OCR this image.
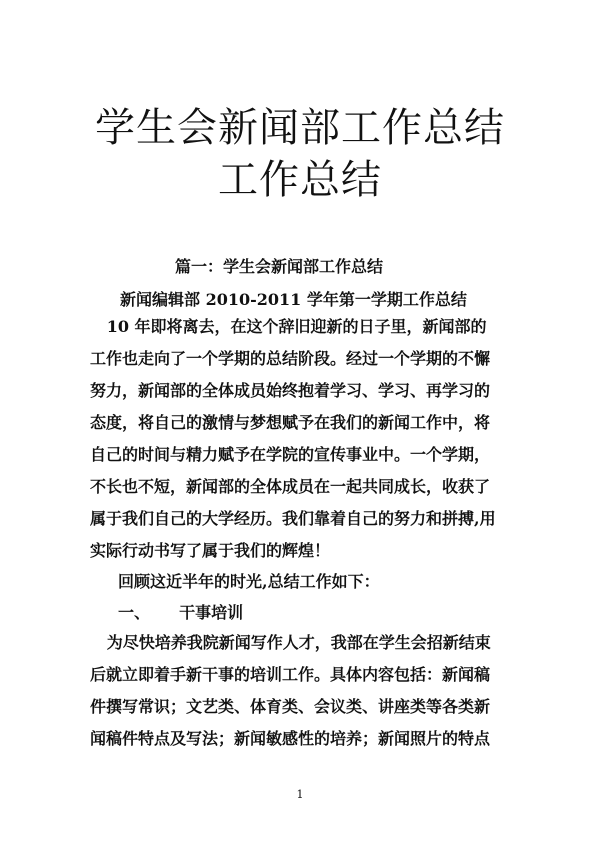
学生会新闻部工作总结
工作总结
篇一：学生会新闻部工作总结
新闻编辑部 2010-2011 学年第一学期工作总结
10 年即将离去，在这个辞旧迎新的日子里，新闻部的
工作也走向了一个学期的总结阶段。经过一个学期的不懈
努力，新闻部的全体成员始终抱着学习、学习、再学习的
态度，将自己的激情与梦想赋予在我们的新闻工作中，将
自己的时间与精力赋予在学院的宣传事业中。一个学期，
不长也不短，新闻部的全体成员在一起共同成长，收获了
属于我们自己的大学经历。我们靠着自己的努力和拼搏,用
实际行动书写了属于我们的辉煌！
回顾这近半年的时光,总结工作如下：
一、 干事培训
为尽快培养我院新闻写作人才，我部在学生会招新结束
后就立即着手新干事的培训工作。具体内容包括：新闻稿
件撰写常识；文艺类、体育类、会议类、讲座类等各类新
闻稿件特点及写法；新闻敏感性的培养；新闻照片的特点
1
